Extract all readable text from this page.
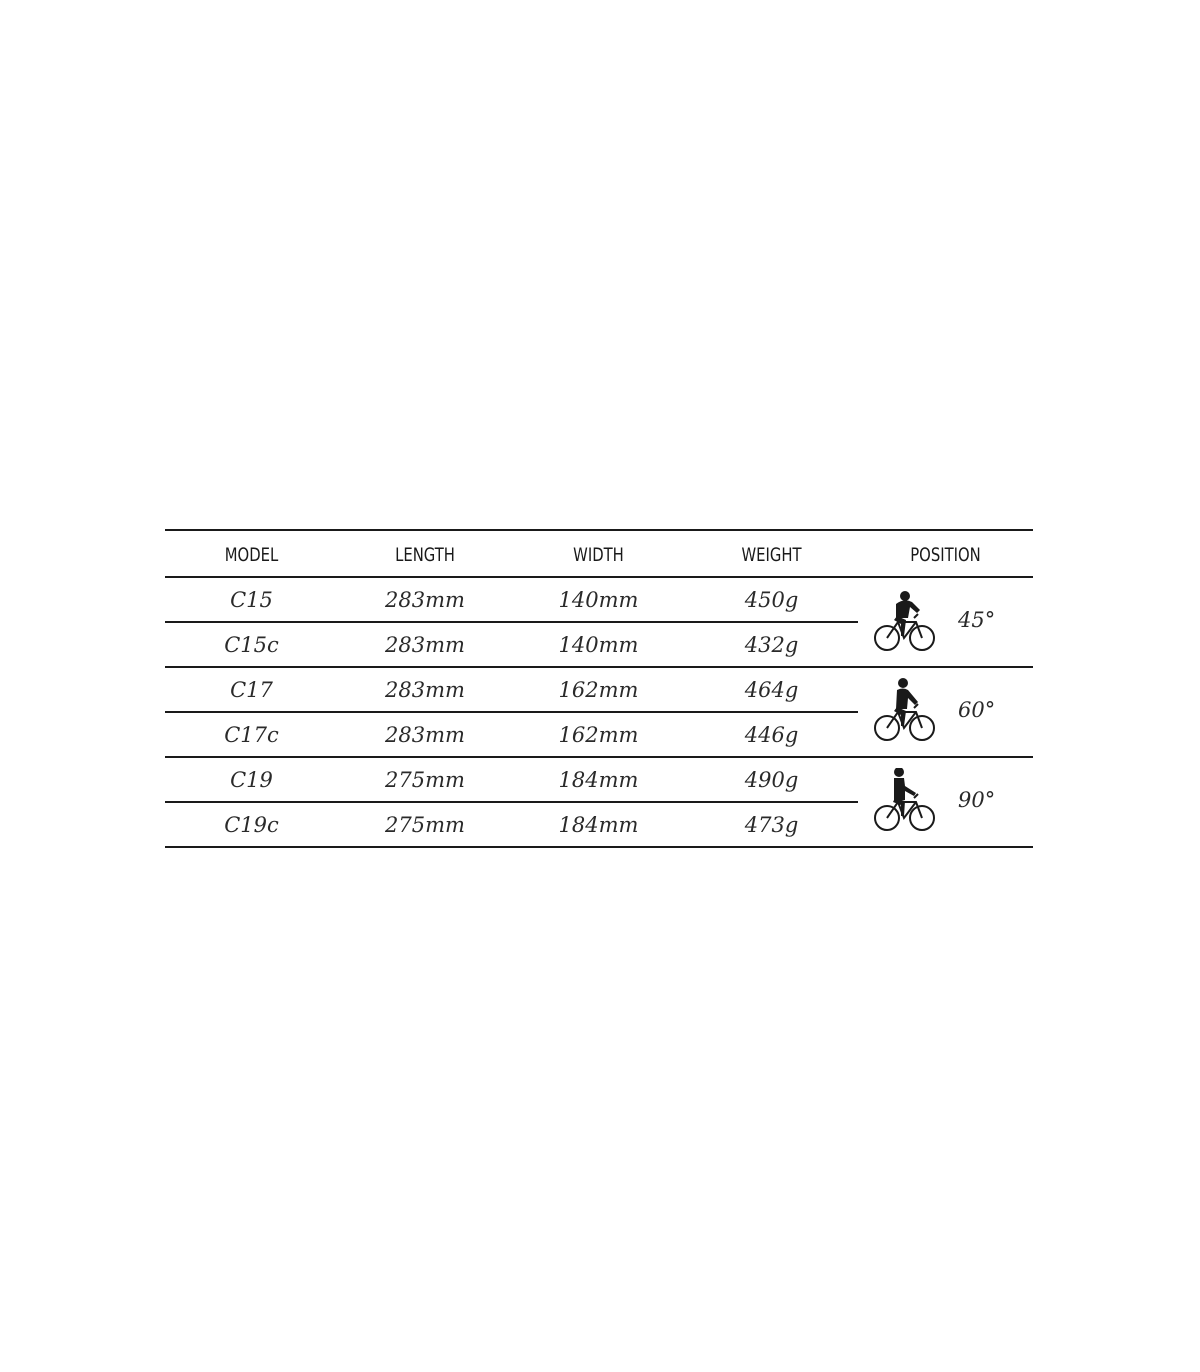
MODEL	LENGTH	WIDTH	WEIGHT	POSITION
C15	283mm	140mm	450g	45°

C15c	283mm	140mm	432g	
C17	283mm	162mm	464g	60°

C17c	283mm	162mm	446g	
C19	275mm	184mm	490g	90°

C19c	275mm	184mm	473g	
